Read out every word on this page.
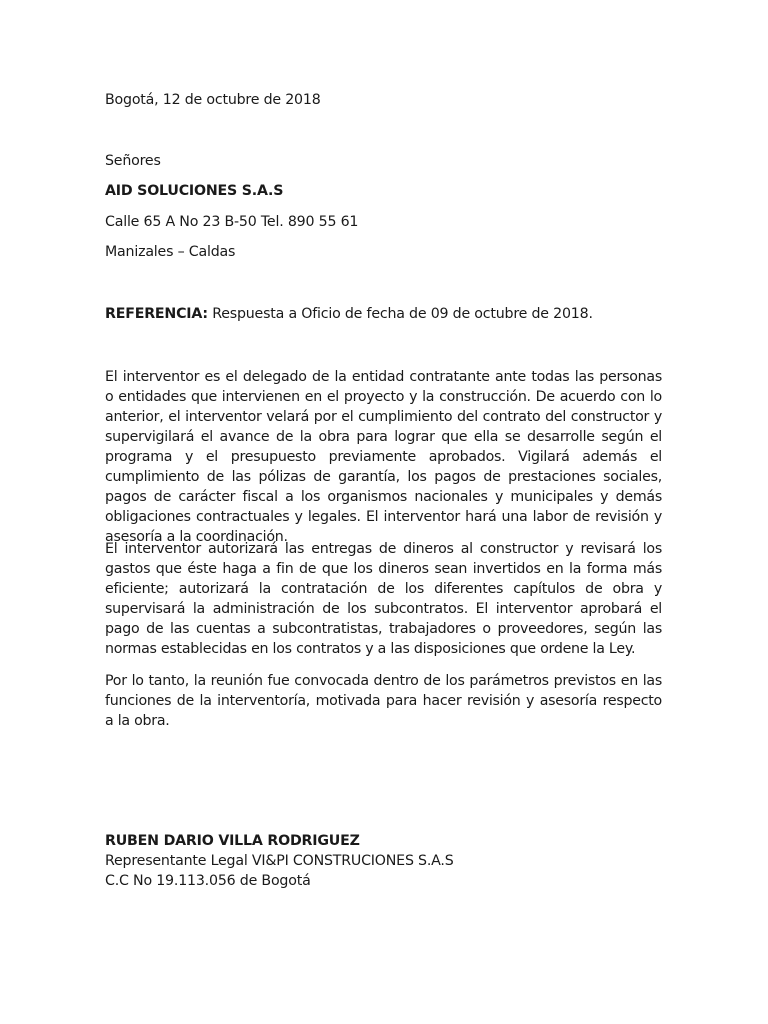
Bogotá, 12 de octubre de 2018
Señores
AID SOLUCIONES S.A.S
Calle 65 A No 23 B-50 Tel. 890 55 61
Manizales – Caldas
REFERENCIA: Respuesta a Oficio de fecha de 09 de octubre de 2018.
El interventor es el delegado de la entidad contratante ante todas las personas o entidades que intervienen en el proyecto y la construcción. De acuerdo con lo anterior, el interventor velará por el cumplimiento del contrato del constructor y supervigilará el avance de la obra para lograr que ella se desarrolle según el programa y el presupuesto previamente aprobados. Vigilará además el cumplimiento de las pólizas de garantía, los pagos de prestaciones sociales, pagos de carácter fiscal a los organismos nacionales y municipales y demás obligaciones contractuales y legales. El interventor hará una labor de revisión y asesoría a la coordinación.
El interventor autorizará las entregas de dineros al constructor y revisará los gastos que éste haga a fin de que los dineros sean invertidos en la forma más eficiente; autorizará la contratación de los diferentes capítulos de obra y supervisará la administración de los subcontratos. El interventor aprobará el pago de las cuentas a subcontratistas, trabajadores o proveedores, según las normas establecidas en los contratos y a las disposiciones que ordene la Ley.
Por lo tanto, la reunión fue convocada dentro de los parámetros previstos en las funciones de la interventoría, motivada para hacer revisión y asesoría respecto a la obra.
RUBEN DARIO VILLA RODRIGUEZ
Representante Legal VI&PI CONSTRUCIONES S.A.S
C.C No 19.113.056 de Bogotá
